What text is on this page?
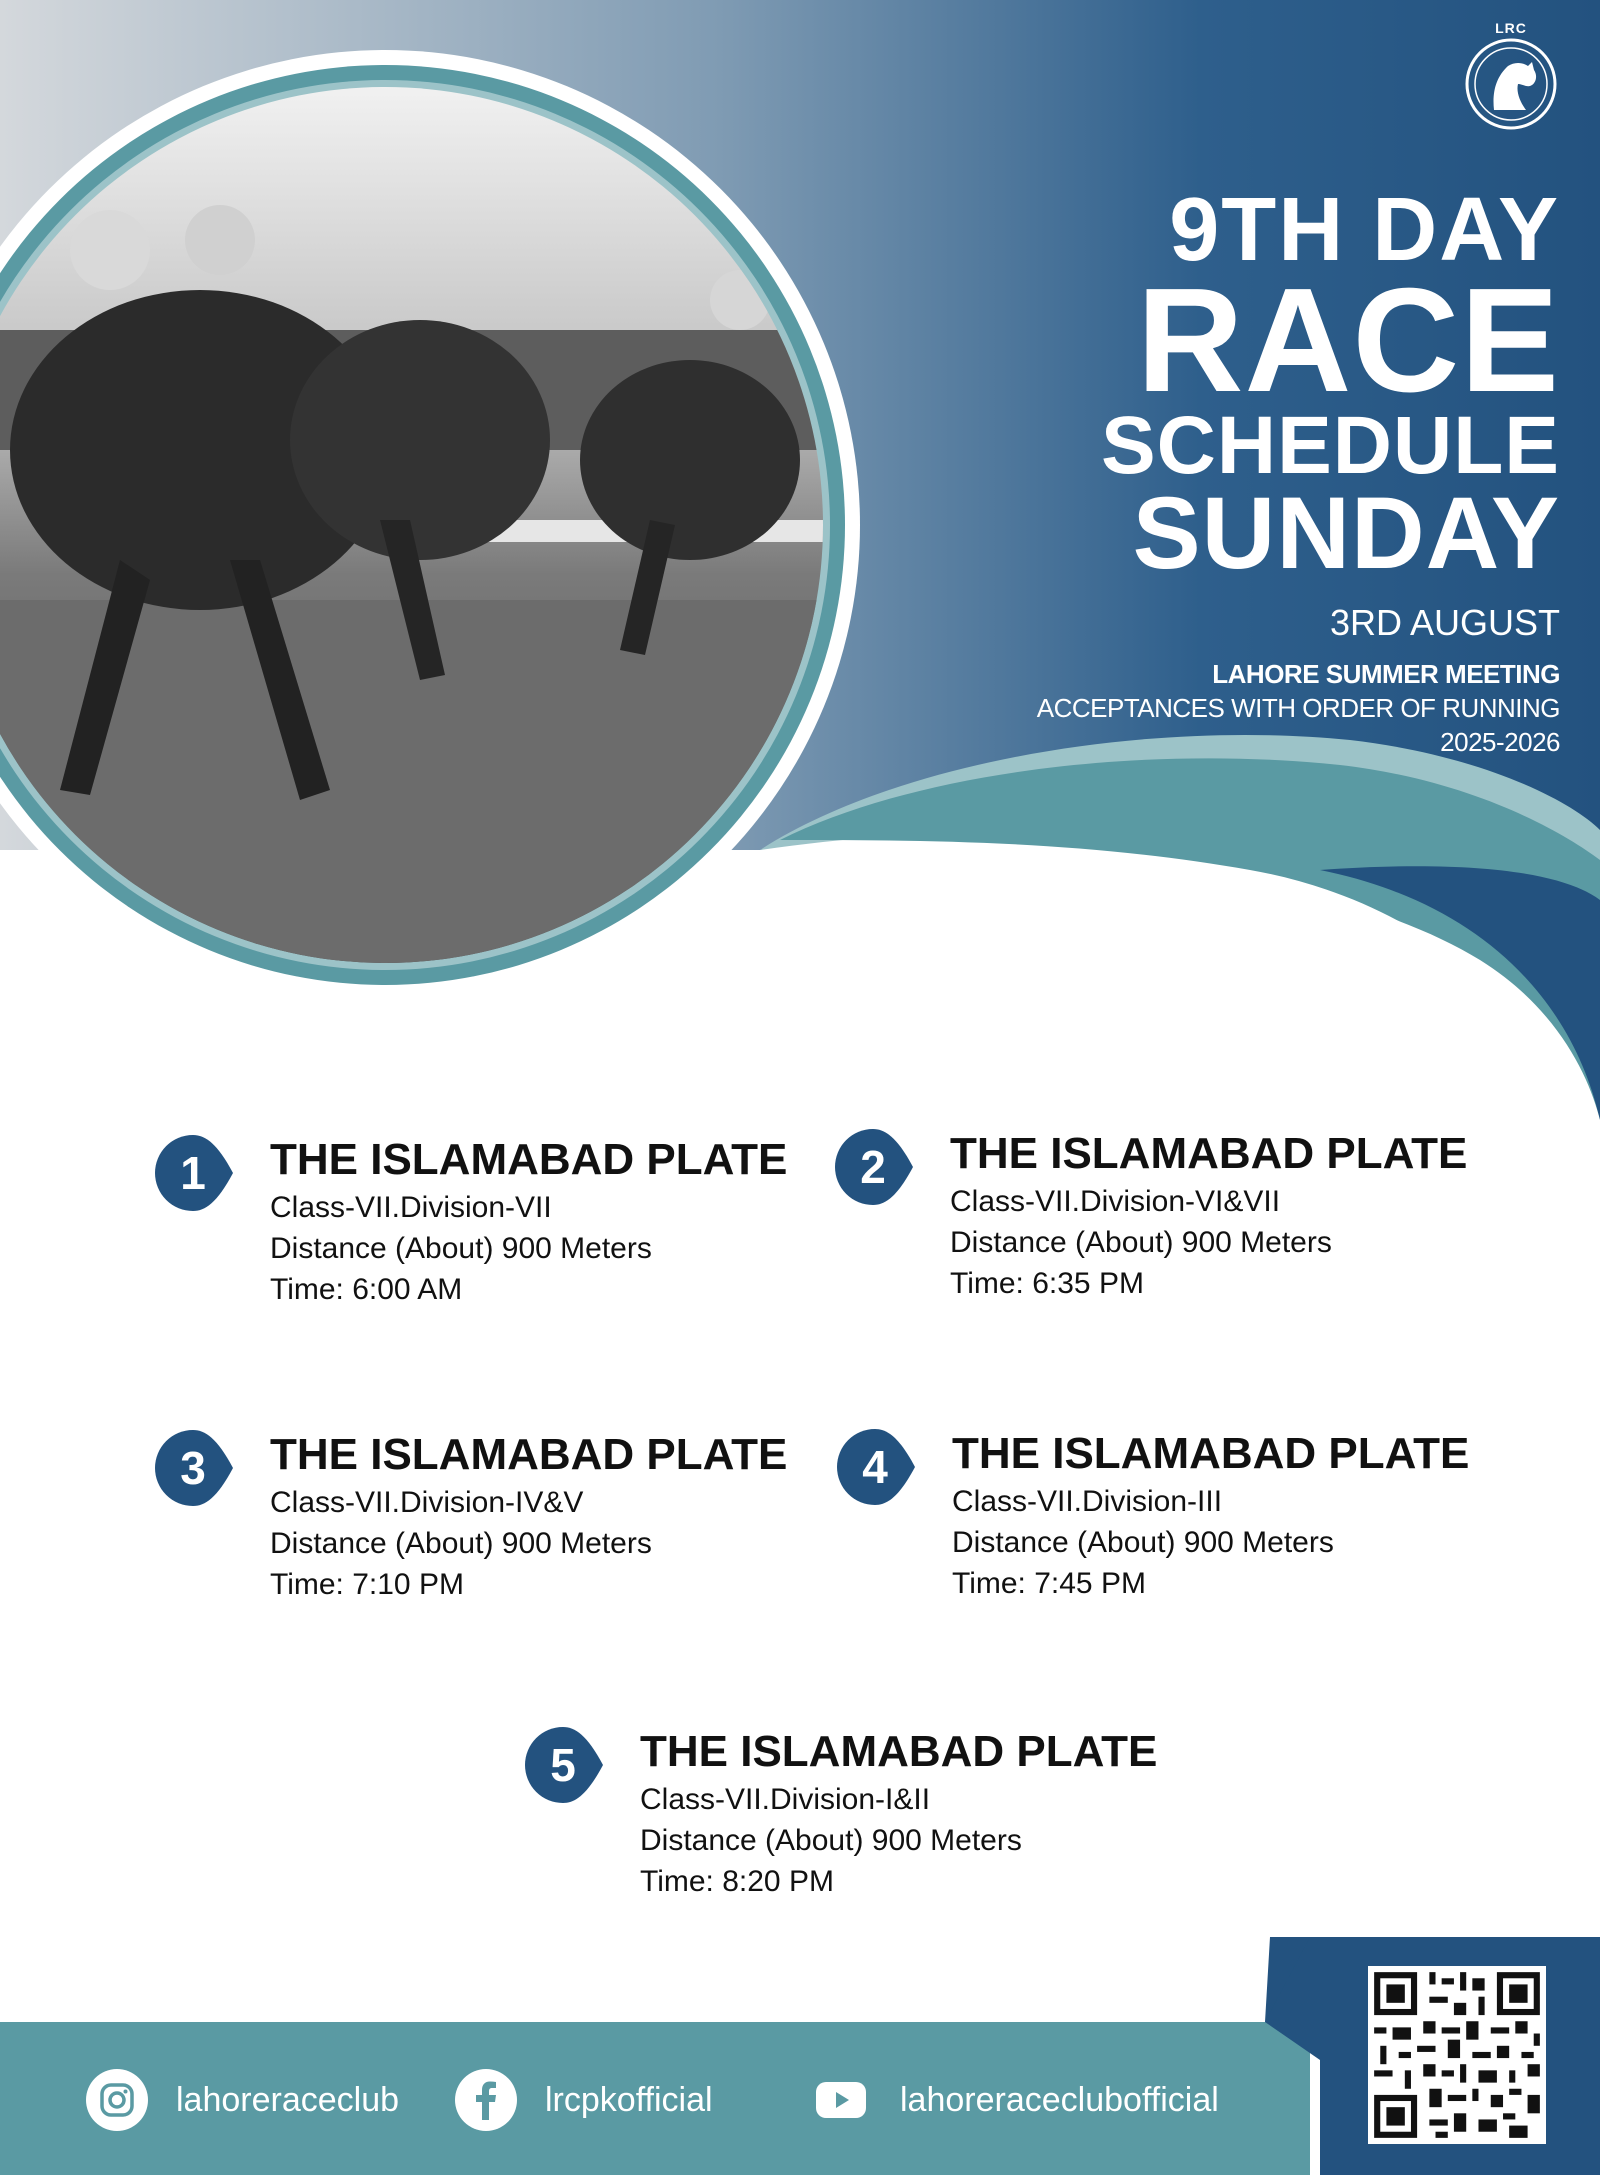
LRC
9TH DAY
RACE
SCHEDULE
SUNDAY
3RD AUGUST
LAHORE SUMMER MEETING
ACCEPTANCES WITH ORDER OF RUNNING
2025-2026
1	THE ISLAMABAD PLATE
Class-VII.Division-VII
Distance (About) 900 Meters
Time: 6:00 AM
2	THE ISLAMABAD PLATE
Class-VII.Division-VI&VII
Distance (About) 900 Meters
Time: 6:35 PM
3	THE ISLAMABAD PLATE
Class-VII.Division-IV&V
Distance (About) 900 Meters
Time: 7:10 PM
4	THE ISLAMABAD PLATE
Class-VII.Division-III
Distance (About) 900 Meters
Time: 7:45 PM
5	THE ISLAMABAD PLATE
Class-VII.Division-I&II
Distance (About) 900 Meters
Time: 8:20 PM
lahoreraceclub	lrcpkofficial	lahoreraceclubofficial
